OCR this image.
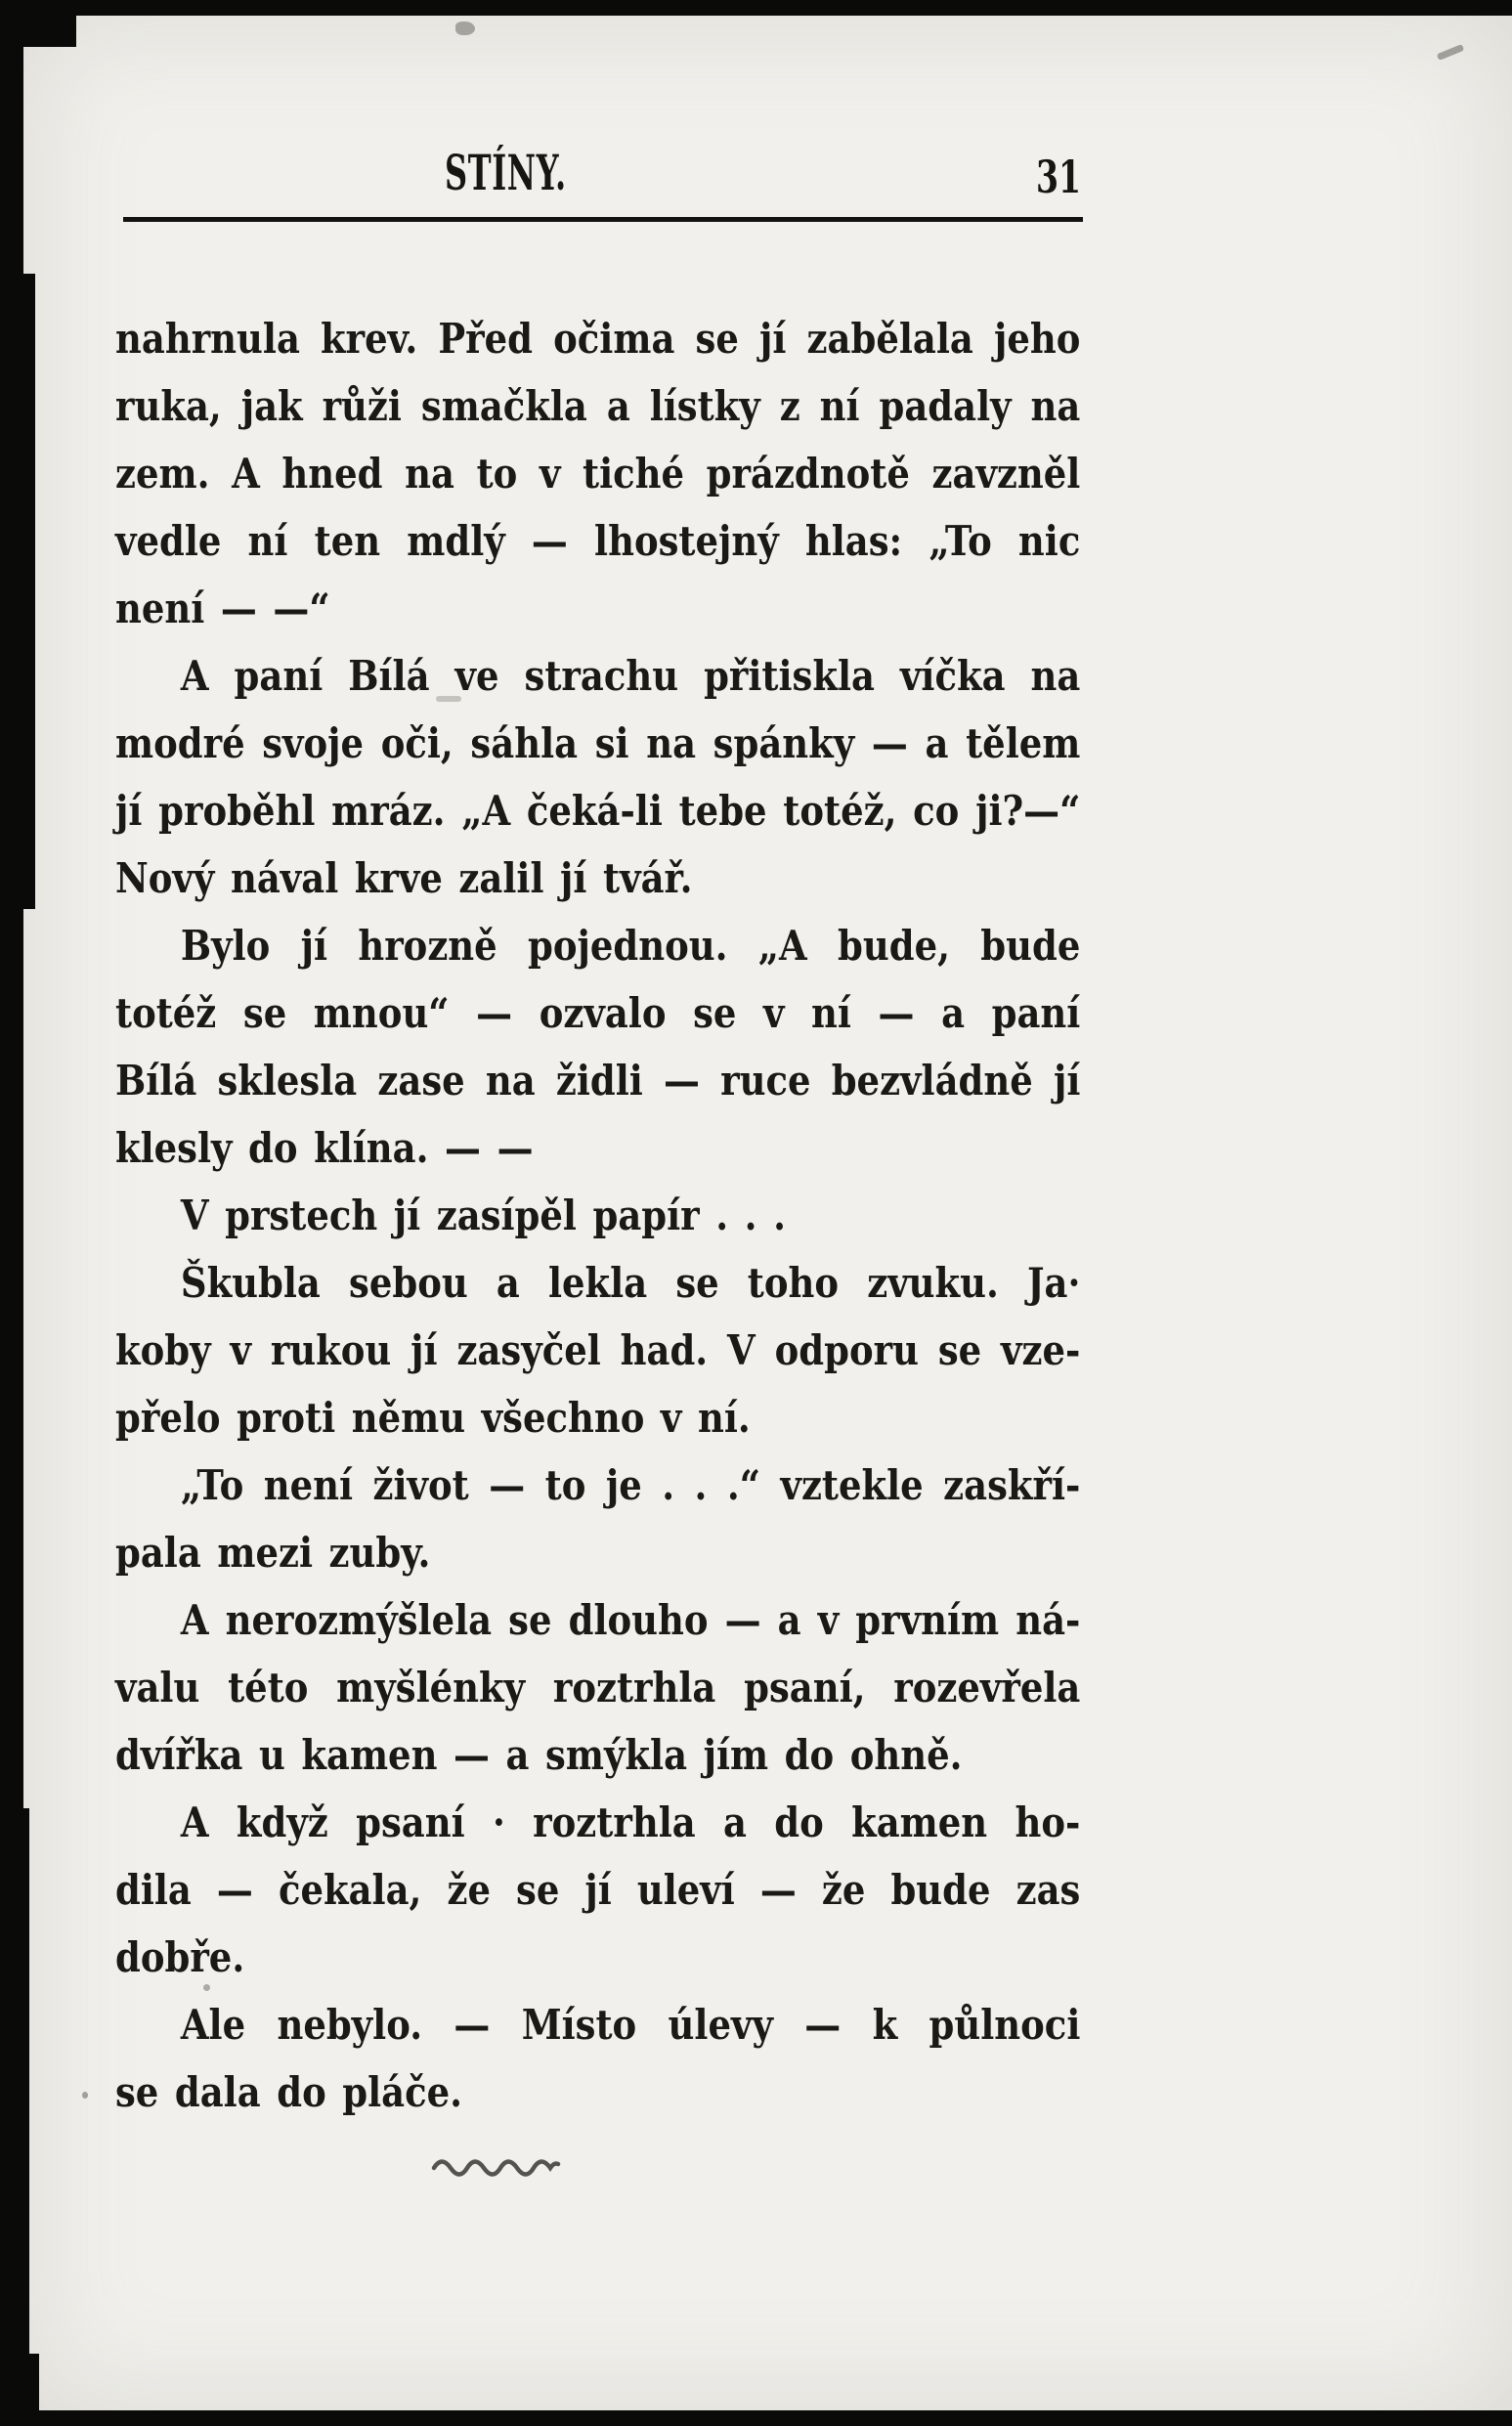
STÍNY.	31
nahrnula krev. Před očima se jí zabělala jeho
ruka, jak růži smačkla a lístky z ní padaly na
zem. A hned na to v tiché prázdnotě zavzněl
vedle ní ten mdlý — lhostejný hlas: „To nic
není — —“
A paní Bílá ve strachu přitiskla víčka na
modré svoje oči, sáhla si na spánky — a tělem
jí proběhl mráz. „A čeká-li tebe totéž, co ji?—“
Nový nával krve zalil jí tvář.
Bylo jí hrozně pojednou. „A bude, bude
totéž se mnou“ — ozvalo se v ní — a paní
Bílá sklesla zase na židli — ruce bezvládně jí
klesly do klína. — —
V prstech jí zasípěl papír . . .
Škubla sebou a lekla se toho zvuku. Ja·
koby v rukou jí zasyčel had. V odporu se vze-
přelo proti němu všechno v ní.
„To není život — to je . . .“ vztekle zaskří-
pala mezi zuby.
A nerozmýšlela se dlouho — a v prvním ná-
valu této myšlénky roztrhla psaní, rozevřela
dvířka u kamen — a smýkla jím do ohně.
A když psaní · roztrhla a do kamen ho-
dila — čekala, že se jí uleví — že bude zas
dobře.
Ale nebylo. — Místo úlevy — k půlnoci
se dala do pláče.
